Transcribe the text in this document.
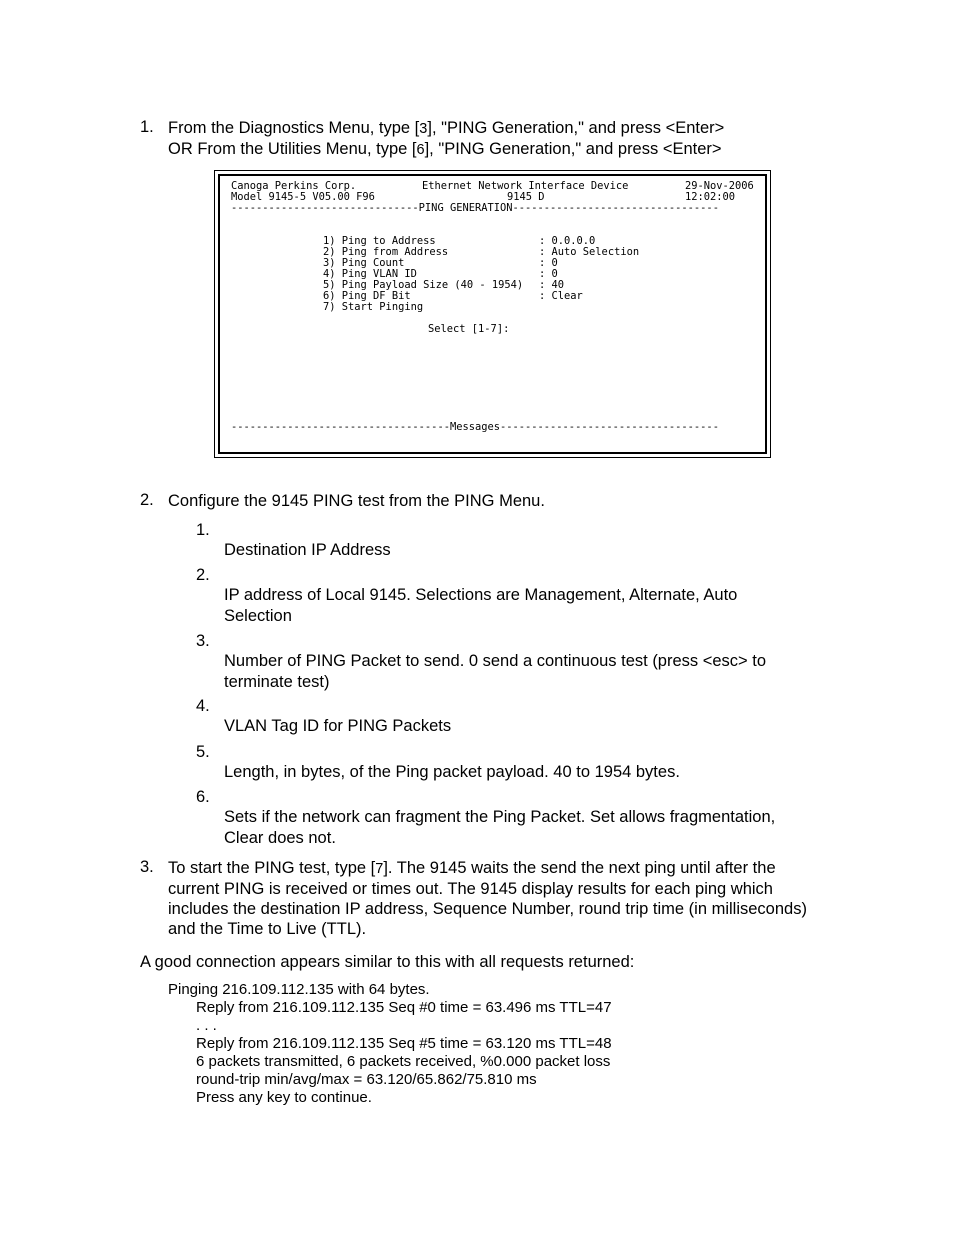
1. From the Diagnostics Menu, type [3], "PING Generation," and press <Enter>
OR From the Utilities Menu, type [6], "PING Generation," and press <Enter>
Canoga Perkins Corp.	Ethernet Network Interface Device	29-Nov-2006
Model 9145-5 V05.00 F96	9145 D	12:02:00
------------------------------PING GENERATION---------------------------------
1) Ping to Address	: 0.0.0.0
2) Ping from Address	: Auto Selection
3) Ping Count	: 0
4) Ping VLAN ID	: 0
5) Ping Payload Size (40 - 1954) : 40
6) Ping DF Bit	: Clear
7) Start Pinging
Select [1-7]:
-----------------------------------Messages-----------------------------------
2. Configure the 9145 PING test from the PING Menu.
1.
Destination IP Address
2.
IP address of Local 9145. Selections are Management, Alternate, Auto
Selection
3.
Number of PING Packet to send. 0 send a continuous test (press <esc> to
terminate test)
4.
VLAN Tag ID for PING Packets
5.
Length, in bytes, of the Ping packet payload. 40 to 1954 bytes.
6.
Sets if the network can fragment the Ping Packet. Set allows fragmentation,
Clear does not.
3. To start the PING test, type [7]. The 9145 waits the send the next ping until after the
current PING is received or times out. The 9145 display results for each ping which
includes the destination IP address, Sequence Number, round trip time (in milliseconds)
and the Time to Live (TTL).
A good connection appears similar to this with all requests returned:
Pinging 216.109.112.135 with 64 bytes.
Reply from 216.109.112.135 Seq #0 time = 63.496 ms TTL=47
. . .
Reply from 216.109.112.135 Seq #5 time = 63.120 ms TTL=48
6 packets transmitted, 6 packets received, %0.000 packet loss
round-trip min/avg/max = 63.120/65.862/75.810 ms
Press any key to continue.
